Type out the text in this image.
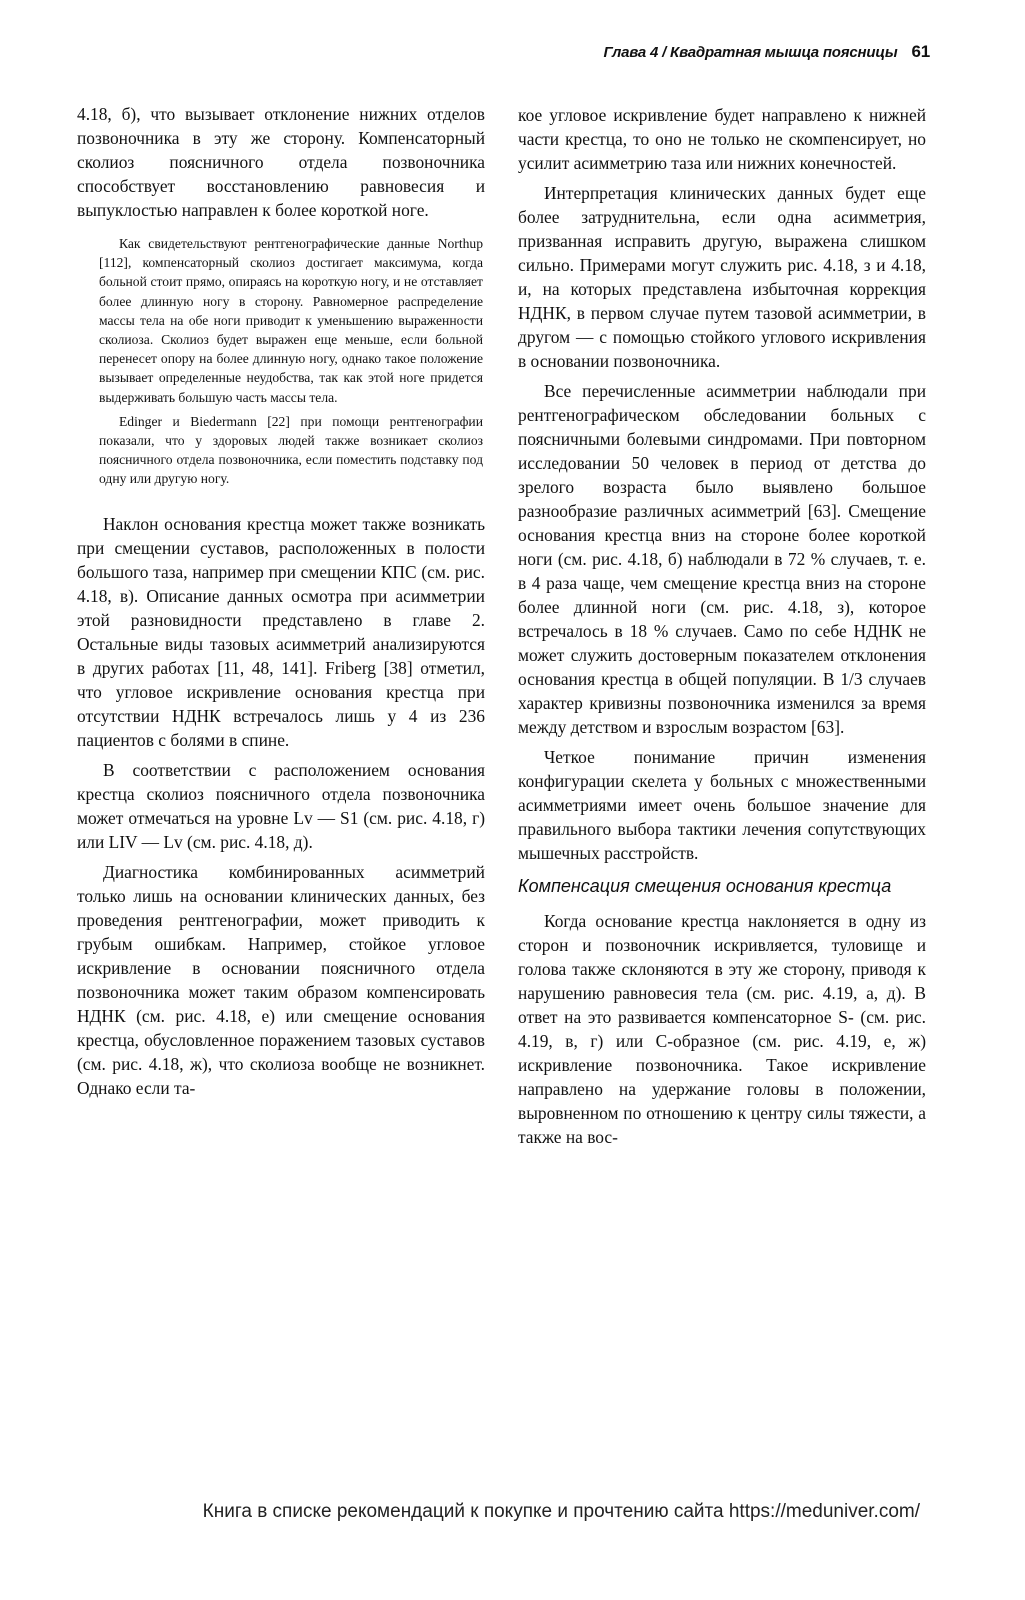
Глава 4 / Квадратная мышца поясницы 61

4.18, б), что вызывает отклонение нижних отделов позвоночника в эту же сторону. Компенсаторный сколиоз поясничного отдела позвоночника способствует восстановлению равновесия и выпуклостью направлен к более короткой ноге.

Как свидетельствуют рентгенографические данные Northup [112], компенсаторный сколиоз достигает максимума, когда больной стоит прямо, опираясь на короткую ногу, и не отставляет более длинную ногу в сторону. Равномерное распределение массы тела на обе ноги приводит к уменьшению выраженности сколиоза. Сколиоз будет выражен еще меньше, если больной перенесет опору на более длинную ногу, однако такое положение вызывает определенные неудобства, так как этой ноге придется выдерживать большую часть массы тела.

Edinger и Biedermann [22] при помощи рентгенографии показали, что у здоровых людей также возникает сколиоз поясничного отдела позвоночника, если поместить подставку под одну или другую ногу.

Наклон основания крестца может также возникать при смещении суставов, расположенных в полости большого таза, например при смещении КПС (см. рис. 4.18, в). Описание данных осмотра при асимметрии этой разновидности представлено в главе 2. Остальные виды тазовых асимметрий анализируются в других работах [11, 48, 141]. Friberg [38] отметил, что угловое искривление основания крестца при отсутствии НДНК встречалось лишь у 4 из 236 пациентов с болями в спине.

В соответствии с расположением основания крестца сколиоз поясничного отдела позвоночника может отмечаться на уровне Lv — S1 (см. рис. 4.18, г) или LIV — Lv (см. рис. 4.18, д).

Диагностика комбинированных асимметрий только лишь на основании клинических данных, без проведения рентгенографии, может приводить к грубым ошибкам. Например, стойкое угловое искривление в основании поясничного отдела позвоночника может таким образом компенсировать НДНК (см. рис. 4.18, е) или смещение основания крестца, обусловленное поражением тазовых суставов (см. рис. 4.18, ж), что сколиоза вообще не возникнет. Однако если та-

кое угловое искривление будет направлено к нижней части крестца, то оно не только не скомпенсирует, но усилит асимметрию таза или нижних конечностей.

Интерпретация клинических данных будет еще более затруднительна, если одна асимметрия, призванная исправить другую, выражена слишком сильно. Примерами могут служить рис. 4.18, з и 4.18, и, на которых представлена избыточная коррекция НДНК, в первом случае путем тазовой асимметрии, в другом — с помощью стойкого углового искривления в основании позвоночника.

Все перечисленные асимметрии наблюдали при рентгенографическом обследовании больных с поясничными болевыми синдромами. При повторном исследовании 50 человек в период от детства до зрелого возраста было выявлено большое разнообразие различных асимметрий [63]. Смещение основания крестца вниз на стороне более короткой ноги (см. рис. 4.18, б) наблюдали в 72 % случаев, т. е. в 4 раза чаще, чем смещение крестца вниз на стороне более длинной ноги (см. рис. 4.18, з), которое встречалось в 18 % случаев. Само по себе НДНК не может служить достоверным показателем отклонения основания крестца в общей популяции. В 1/3 случаев характер кривизны позвоночника изменился за время между детством и взрослым возрастом [63].

Четкое понимание причин изменения конфигурации скелета у больных с множественными асимметриями имеет очень большое значение для правильного выбора тактики лечения сопутствующих мышечных расстройств.

Компенсация смещения основания крестца

Когда основание крестца наклоняется в одну из сторон и позвоночник искривляется, туловище и голова также склоняются в эту же сторону, приводя к нарушению равновесия тела (см. рис. 4.19, а, д). В ответ на это развивается компенсаторное S- (см. рис. 4.19, в, г) или С-образное (см. рис. 4.19, е, ж) искривление позвоночника. Такое искривление направлено на удержание головы в положении, выровненном по отношению к центру силы тяжести, а также на вос-

Книга в списке рекомендаций к покупке и прочтению сайта https://meduniver.com/
